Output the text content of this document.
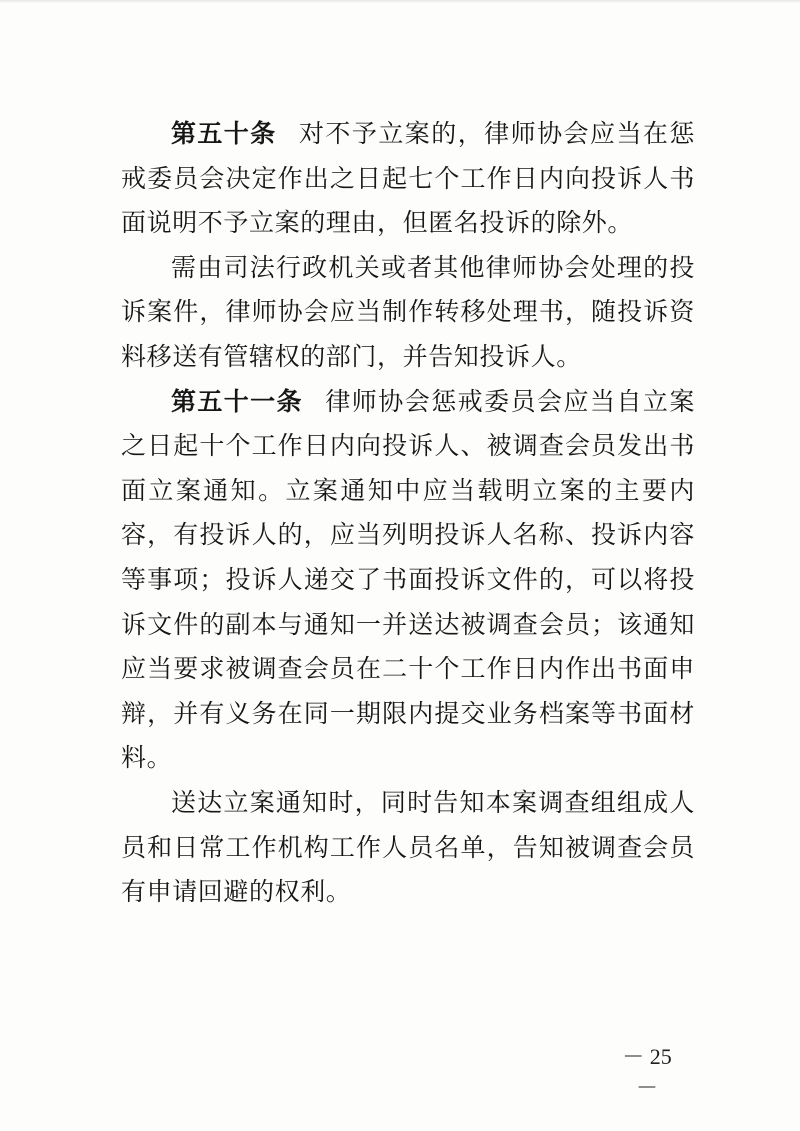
第五十条 对不予立案的，律师协会应当在惩戒委员会决定作出之日起七个工作日内向投诉人书面说明不予立案的理由，但匿名投诉的除外。

需由司法行政机关或者其他律师协会处理的投诉案件，律师协会应当制作转移处理书，随投诉资料移送有管辖权的部门，并告知投诉人。

第五十一条 律师协会惩戒委员会应当自立案之日起十个工作日内向投诉人、被调查会员发出书面立案通知。立案通知中应当载明立案的主要内容，有投诉人的，应当列明投诉人名称、投诉内容等事项；投诉人递交了书面投诉文件的，可以将投诉文件的副本与通知一并送达被调查会员；该通知应当要求被调查会员在二十个工作日内作出书面申辩，并有义务在同一期限内提交业务档案等书面材料。

送达立案通知时，同时告知本案调查组组成人员和日常工作机构工作人员名单，告知被调查会员有申请回避的权利。

－ 25 －
